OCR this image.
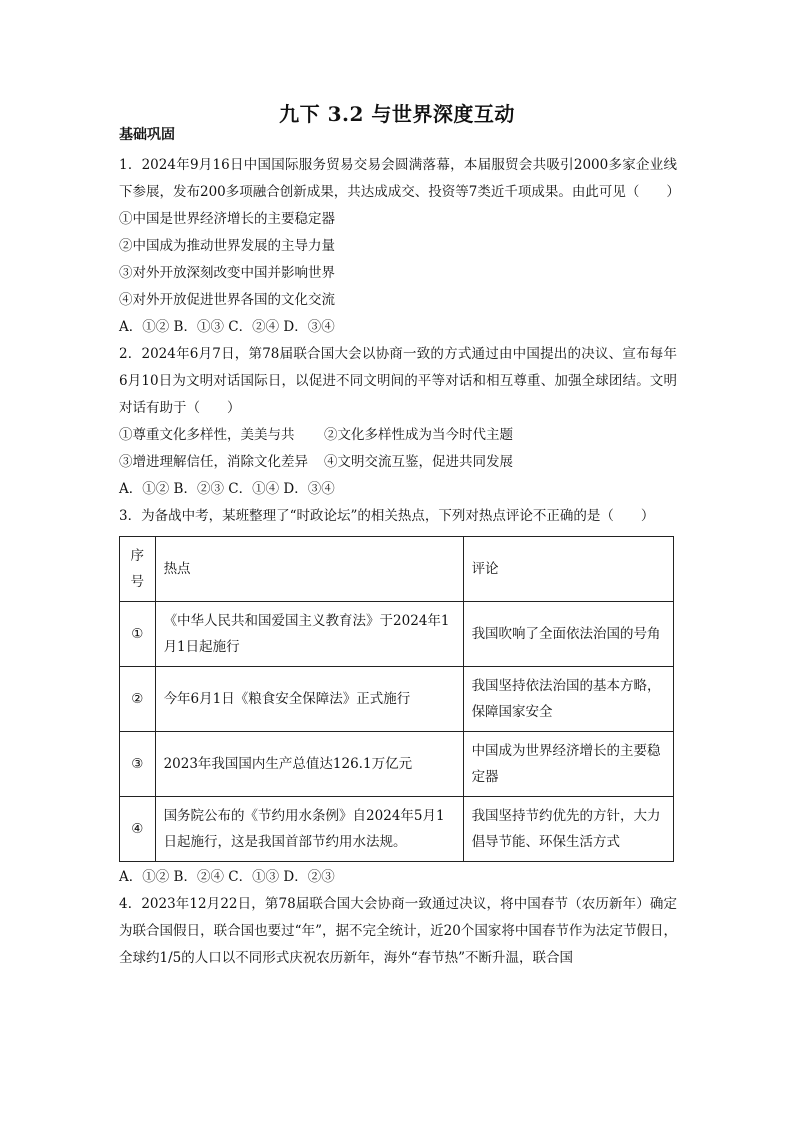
九下 3.2 与世界深度互动
基础巩固

1．2024年9月16日中国国际服务贸易交易会圆满落幕，本届服贸会共吸引2000多家企业线下参展，发布200多项融合创新成果，共达成成交、投资等7类近千项成果。由此可见（　　）

①中国是世界经济增长的主要稳定器

②中国成为推动世界发展的主导力量

③对外开放深刻改变中国并影响世界

④对外开放促进世界各国的文化交流

A．①② B．①③ C．②④ D．③④

2．2024年6月7日，第78届联合国大会以协商一致的方式通过由中国提出的决议、宣布每年6月10日为文明对话国际日，以促进不同文明间的平等对话和相互尊重、加强全球团结。文明对话有助于（　　）

①尊重文化多样性，美美与共	②文化多样性成为当今时代主题
③增进理解信任，消除文化差异	④文明交流互鉴，促进共同发展

A．①② B．②③ C．①④ D．③④

3．为备战中考，某班整理了“时政论坛”的相关热点，下列对热点评论不正确的是（　　）

序号	热点	评论
①	《中华人民共和国爱国主义教育法》于2024年1月1日起施行	我国吹响了全面依法治国的号角
②	今年6月1日《粮食安全保障法》正式施行	我国坚持依法治国的基本方略，保障国家安全
③	2023年我国国内生产总值达126.1万亿元	中国成为世界经济增长的主要稳定器
④	国务院公布的《节约用水条例》自2024年5月1日起施行，这是我国首部节约用水法规。	我国坚持节约优先的方针，大力倡导节能、环保生活方式

A．①② B．②④ C．①③ D．②③

4．2023年12月22日，第78届联合国大会协商一致通过决议，将中国春节（农历新年）确定为联合国假日，联合国也要过“年”，据不完全统计，近20个国家将中国春节作为法定节假日，全球约1/5的人口以不同形式庆祝农历新年，海外“春节热”不断升温，联合国
